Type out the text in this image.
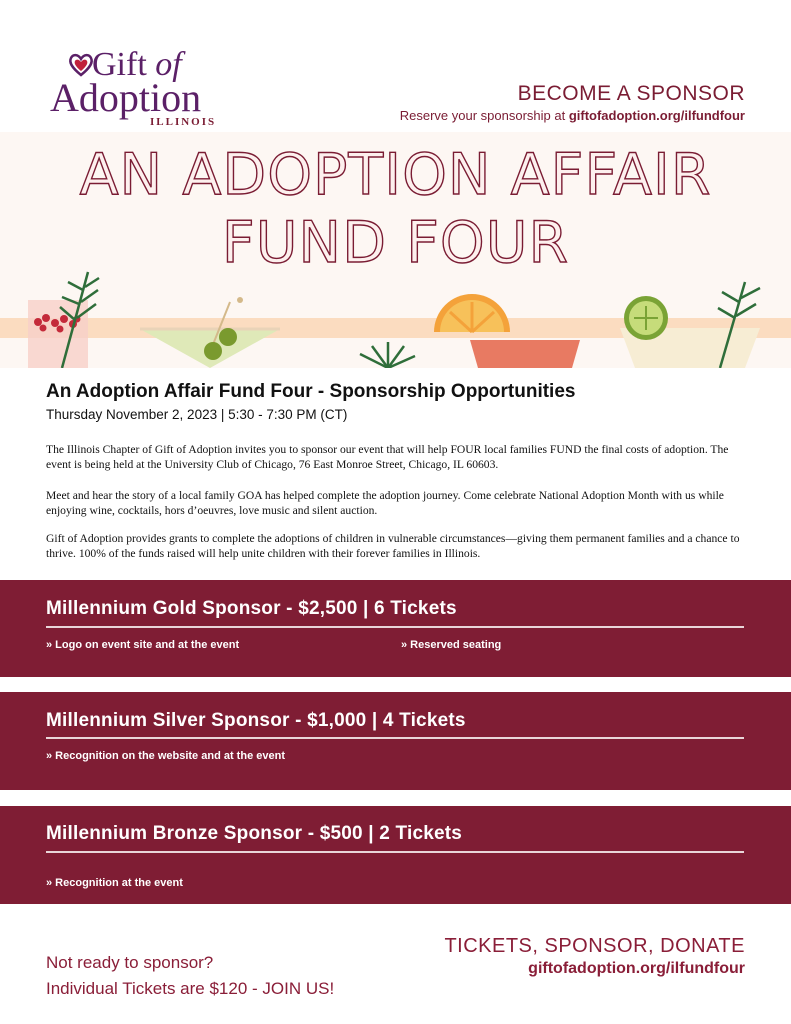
Gift of
Adoption
ILLINOIS
BECOME A SPONSOR
Reserve your sponsorship at giftofadoption.org/ilfundfour
AN ADOPTION AFFAIR
FUND FOUR
An Adoption Affair Fund Four - Sponsorship Opportunities
Thursday November 2, 2023 | 5:30 - 7:30 PM (CT)
The Illinois Chapter of Gift of Adoption invites you to sponsor our event that will help FOUR local families FUND the final costs of adoption. The event is being held at the University Club of Chicago, 76 East Monroe Street, Chicago, IL 60603.
Meet and hear the story of a local family GOA has helped complete the adoption journey. Come celebrate National Adoption Month with us while enjoying wine, cocktails, hors d’oeuvres, love music and silent auction.
Gift of Adoption provides grants to complete the adoptions of children in vulnerable circumstances—giving them permanent families and a chance to thrive. 100% of the funds raised will help unite children with their forever families in Illinois.
Millennium Gold Sponsor - $2,500 | 6 Tickets
» Logo on event site and at the event	» Reserved seating
Millennium Silver Sponsor - $1,000 | 4 Tickets
» Recognition on the website and at the event
Millennium Bronze Sponsor - $500 | 2 Tickets
» Recognition at the event
Not ready to sponsor?
Individual Tickets are $120 - JOIN US!
TICKETS, SPONSOR, DONATE
giftofadoption.org/ilfundfour
